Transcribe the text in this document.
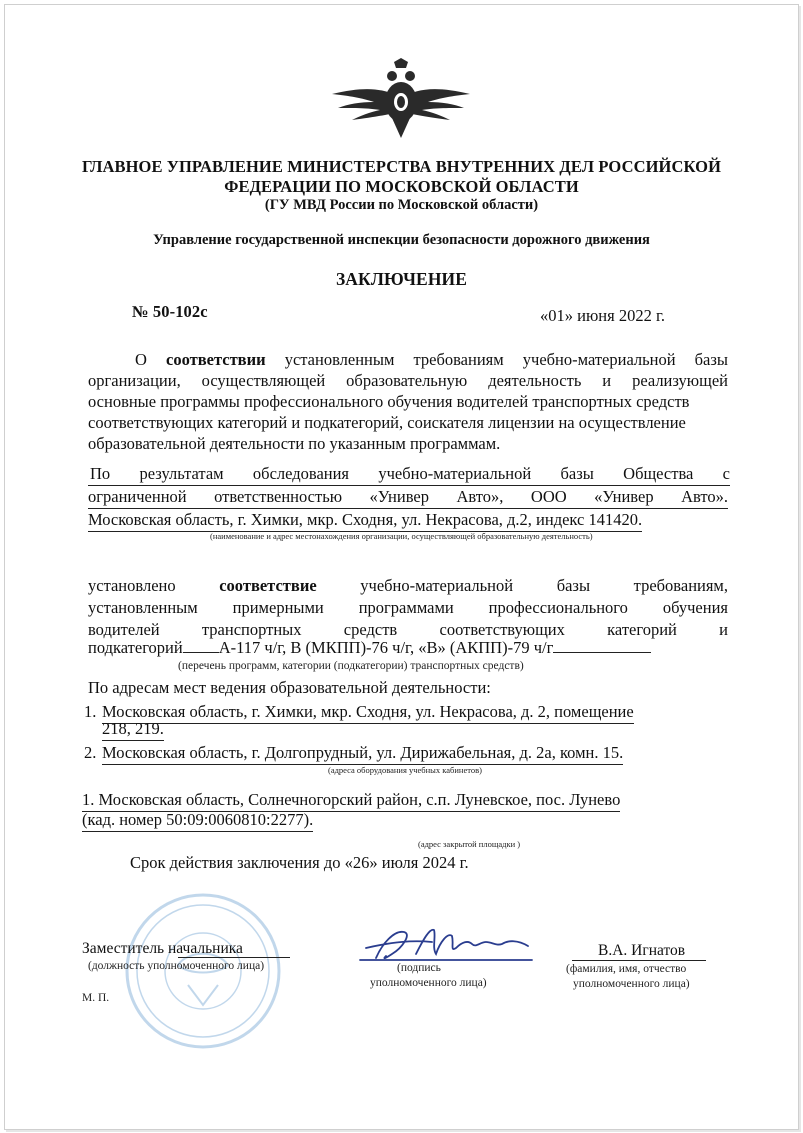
ГЛАВНОЕ УПРАВЛЕНИЕ МИНИСТЕРСТВА ВНУТРЕННИХ ДЕЛ РОССИЙСКОЙ
ФЕДЕРАЦИИ ПО МОСКОВСКОЙ ОБЛАСТИ
(ГУ МВД России по Московской области)
Управление государственной инспекции безопасности дорожного движения
ЗАКЛЮЧЕНИЕ
№ 50-102с	«01» июня 2022 г.
О соответствии установленным требованиям учебно-материальной базы
организации, осуществляющей образовательную деятельность и реализующей
основные программы профессионального обучения водителей транспортных средств
соответствующих категорий и подкатегорий, соискателя лицензии на осуществление
образовательной деятельности по указанным программам.
По результатам обследования учебно-материальной базы Общества с
ограниченной ответственностью «Универ Авто», ООО «Универ Авто».
Московская область, г. Химки, мкр. Сходня, ул. Некрасова, д.2, индекс 141420.
(наименование и адрес местонахождения организации, осуществляющей образовательную деятельность)
установлено соответствие учебно-материальной базы требованиям,
установленным примерными программами профессионального обучения
водителей транспортных средств соответствующих категорий и
подкатегорий А-117 ч/г, В (МКПП)-76 ч/г, «В» (АКПП)-79 ч/г
(перечень программ, категории (подкатегории) транспортных средств)
По адресам мест ведения образовательной деятельности:
1. Московская область, г. Химки, мкр. Сходня, ул. Некрасова, д. 2, помещение
218, 219.
2. Московская область, г. Долгопрудный, ул. Дирижабельная, д. 2а, комн. 15.
(адреса оборудования учебных кабинетов)
1. Московская область, Солнечногорский район, с.п. Луневское, пос. Лунево
(кад. номер 50:09:0060810:2277).
(адрес закрытой площадки )
Срок действия заключения до «26» июля 2024 г.
Заместитель начальника
(должность уполномоченного лица)	(подпись
уполномоченного лица)
В.А. Игнатов
(фамилия, имя, отчество
уполномоченного лица)
М. П.
